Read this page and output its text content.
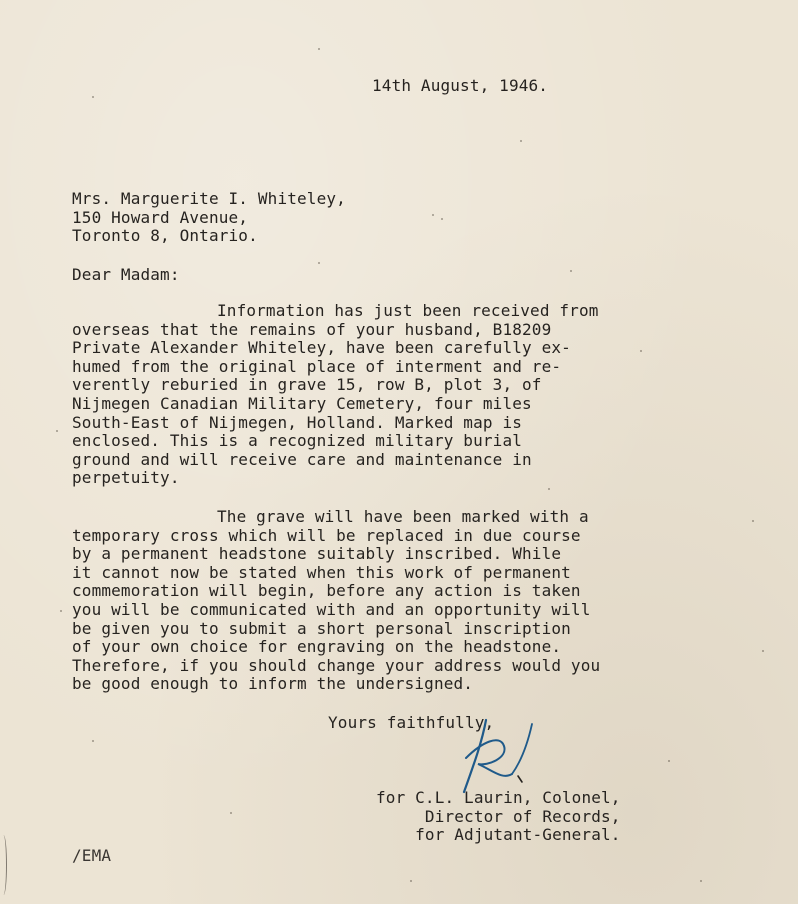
14th August, 1946.
Mrs. Marguerite I. Whiteley,
150 Howard Avenue,
Toronto 8, Ontario.
Dear Madam:
Information has just been received from
overseas that the remains of your husband, B18209
Private Alexander Whiteley, have been carefully ex-
humed from the original place of interment and re-
verently reburied in grave 15, row B, plot 3, of
Nijmegen Canadian Military Cemetery, four miles
South-East of Nijmegen, Holland. Marked map is
enclosed. This is a recognized military burial
ground and will receive care and maintenance in
perpetuity.
The grave will have been marked with a
temporary cross which will be replaced in due course
by a permanent headstone suitably inscribed. While
it cannot now be stated when this work of permanent
commemoration will begin, before any action is taken
you will be communicated with and an opportunity will
be given you to submit a short personal inscription
of your own choice for engraving on the headstone.
Therefore, if you should change your address would you
be good enough to inform the undersigned.
Yours faithfully,
for C.L. Laurin, Colonel,
Director of Records,
for Adjutant-General.
/EMA
